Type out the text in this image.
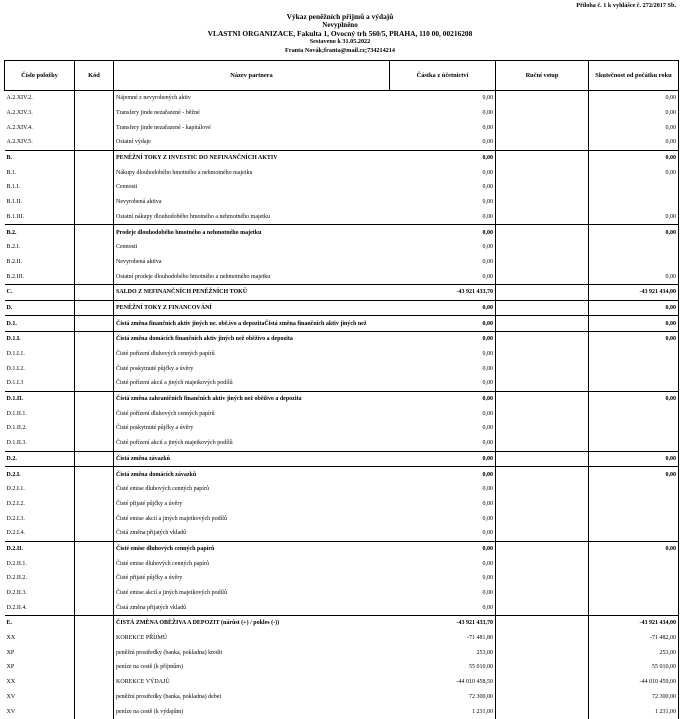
Příloha č. 1 k vyhlášce č. 272/2017 Sb.
Výkaz peněžních příjmů a výdajů
Nevyplněno
VLASTNI ORGANIZACE, Fakulta 1, Ovocný trh 560/5, PRAHA, 110 00, 00216208
Sestaveno k 31.05.2022
Franta Novák;franta@mail.cz;734214214
Číslo položky	Kód	Název partnera	Částka z účetnictví	Ruční vstup	Skutečnost od počátku roku
A.2.XIV.2.		Nájemné z nevyrobených aktiv	0,00		0,00
A.2.XIV.3.		Transfery jinde nezařazené - běžné	0,00		0,00
A.2.XIV.4.		Transfery jinde nezařazené - kapitálové	0,00		0,00
A.2.XIV.5.		Ostatní výdaje	0,00		0,00
B.		PENĚŽNÍ TOKY Z INVESTIC DO NEFINANČNÍCH AKTIV	0,00		0,00
B.1.		Nákupy dlouhodobého hmotného a nehmotného majetku	0,00		0,00
B.1.I.		Cennosti	0,00		
B.1.II.		Nevyrobená aktiva	0,00		
B.1.III.		Ostatní nákupy dlouhodobého hmotného a nehmotného majetku	0,00		0,00
B.2.		Prodeje dlouhodobého hmotného a nehmotného majetku	0,00		0,00
B.2.I.		Cennosti	0,00		
B.2.II.		Nevyrobená aktiva	0,00		
B.2.III.		Ostatní prodeje dlouhodobého hmotného a nehmotného majetku	0,00		0,00
C.		SALDO Z NEFINANČNÍCH PENĚŽNÍCH TOKŮ	-43 921 433,70		-43 921 434,00
D.		PENĚŽNÍ TOKY Z FINANCOVÁNÍ	0,00		0,00
D.1.		Čistá změna finančních aktiv jiných ne. obě.ivo a depozitaČistá změna finančních aktiv jiných než	0,00		0,00
D.1.I.		Čistá změna domácích finančních aktiv jiných než oběživo a depozita	0,00		0,00
D.1.I.1.		Čisté pořízení dluhových cenných papírů	0,00		
D.1.I.2.		Čisté poskytnuté půjčky a úvěry	0,00		
D.1.I.3		Čisté pořízení akcií a jiných majetkových podílů	0,00		
D.1.II.		Čistá změna zahraničních finančních aktiv jiných než oběživo a depozita	0,00		0,00
D.1.II.1.		Čisté pořízení dluhových cenných papírů	0,00		
D.1.II.2.		Čisté poskytnuté půjčky a úvěry	0,00		
D.1.II.3.		Čisté pořízení akcií a jiných majetkových podílů	0,00		
D.2.		Čistá změna závazků	0,00		0,00
D.2.I.		Čistá změna domácích závazků	0,00		0,00
D.2.I.1.		Čisté emise dluhových cenných papírů	0,00		
D.2.I.2.		Čisté přijaté půjčky a úvěry	0,00		
D.2.I.3.		Čisté emise akcií a jiných majetkových podílů	0,00		
D.2.I.4.		Čistá změna přijatých vkladů	0,00		
D.2.II.		Čisté emise dluhových cenných papírů	0,00		0,00
D.2.II.1.		Čisté emise dluhových cenných papírů	0,00		
D.2.II.2.		Čisté přijaté půjčky a úvěry	0,00		
D.2.II.3.		Čisté emise akcií a jiných majetkových podílů	0,00		
D.2.II.4.		Čistá změna přijatých vkladů	0,00		
E.		ČISTÁ ZMĚNA OBĚŽIVA A DEPOZIT (nárůst (+) / pokles (-))	-43 921 433,70		-43 921 434,00
XX		KOREKCE PŘÍJMŮ	-71 481,80		-71 482,00
XP		peněžní prostředky (banka, pokladna) kredit	253,00		253,00
XP		peníze na cestě (k příjmům)	55 010,00		55 010,00
XX		KOREKCE VÝDAJŮ	-44 010 458,50		-44 010 459,00
XV		peněžní prostředky (banka, pokladna) debet	72 300,00		72 300,00
XV		peníze na cestě (k výdajům)	1 231,00		1 231,00
